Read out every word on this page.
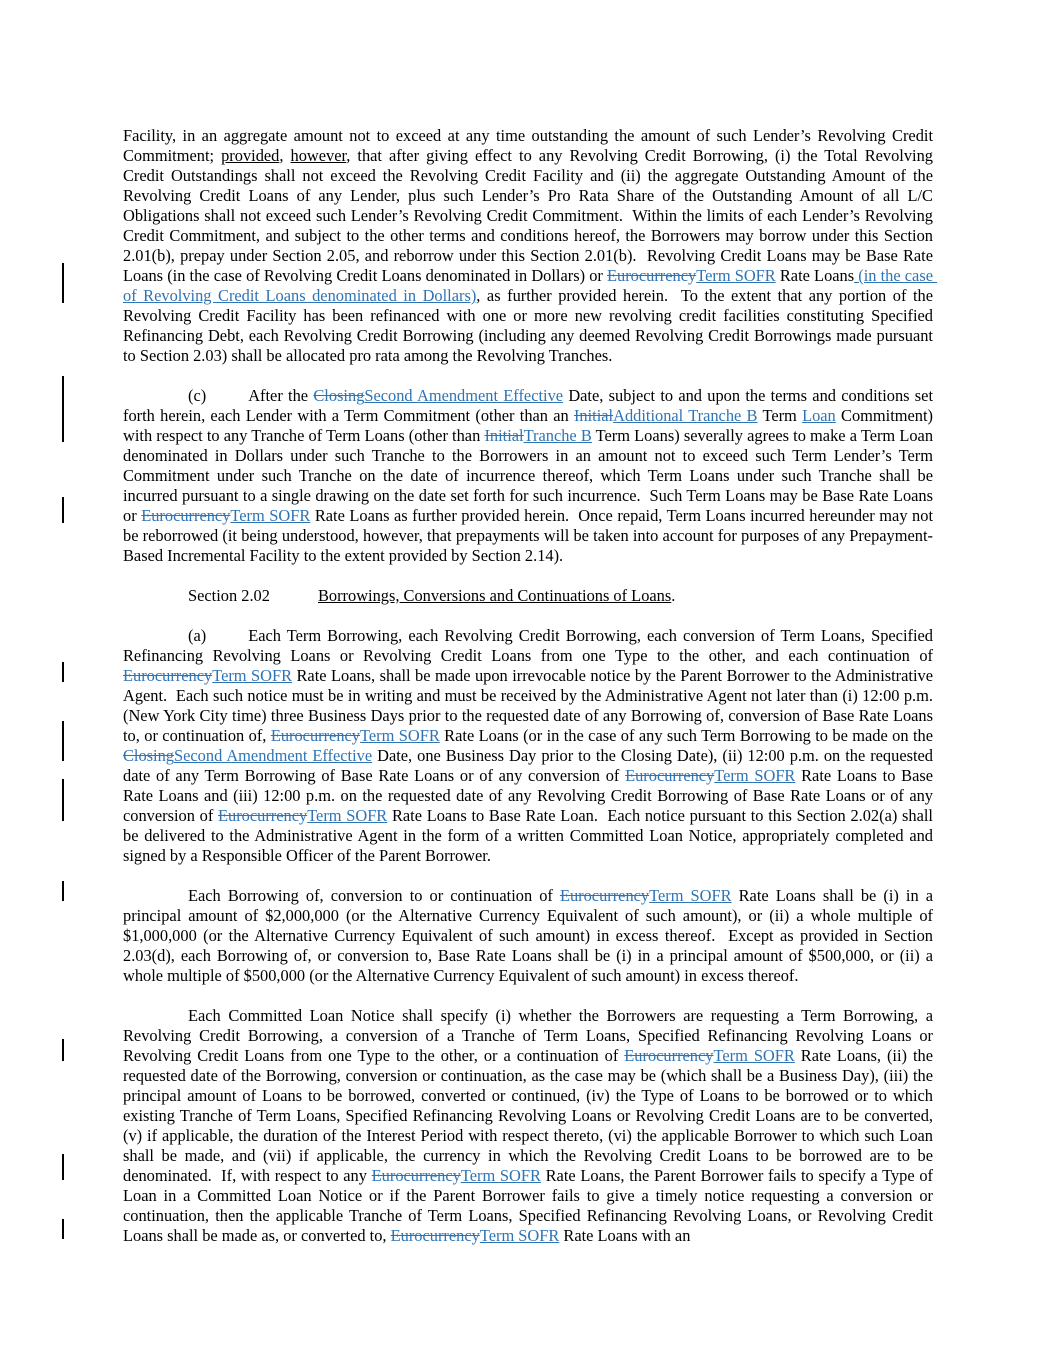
Facility, in an aggregate amount not to exceed at any time outstanding the amount of such Lender’s Revolving Credit Commitment; provided, however, that after giving effect to any Revolving Credit Borrowing, (i) the Total Revolving Credit Outstandings shall not exceed the Revolving Credit Facility and (ii) the aggregate Outstanding Amount of the Revolving Credit Loans of any Lender, plus such Lender’s Pro Rata Share of the Outstanding Amount of all L/C Obligations shall not exceed such Lender’s Revolving Credit Commitment.  Within the limits of each Lender’s Revolving Credit Commitment, and subject to the other terms and conditions hereof, the Borrowers may borrow under this Section 2.01(b), prepay under Section 2.05, and reborrow under this Section 2.01(b).  Revolving Credit Loans may be Base Rate Loans (in the case of Revolving Credit Loans denominated in Dollars) or EurocurrencyTerm SOFR Rate Loans (in the case of Revolving Credit Loans denominated in Dollars), as further provided herein.  To the extent that any portion of the Revolving Credit Facility has been refinanced with one or more new revolving credit facilities constituting Specified Refinancing Debt, each Revolving Credit Borrowing (including any deemed Revolving Credit Borrowings made pursuant to Section 2.03) shall be allocated pro rata among the Revolving Tranches.

(c)	After the ClosingSecond Amendment Effective Date, subject to and upon the terms and conditions set forth herein, each Lender with a Term Commitment (other than an InitialAdditional Tranche B Term Loan Commitment) with respect to any Tranche of Term Loans (other than InitialTranche B Term Loans) severally agrees to make a Term Loan denominated in Dollars under such Tranche to the Borrowers in an amount not to exceed such Term Lender’s Term Commitment under such Tranche on the date of incurrence thereof, which Term Loans under such Tranche shall be incurred pursuant to a single drawing on the date set forth for such incurrence.  Such Term Loans may be Base Rate Loans or EurocurrencyTerm SOFR Rate Loans as further provided herein.  Once repaid, Term Loans incurred hereunder may not be reborrowed (it being understood, however, that prepayments will be taken into account for purposes of any Prepayment-Based Incremental Facility to the extent provided by Section 2.14).

Section 2.02	Borrowings, Conversions and Continuations of Loans.

(a)	Each Term Borrowing, each Revolving Credit Borrowing, each conversion of Term Loans, Specified Refinancing Revolving Loans or Revolving Credit Loans from one Type to the other, and each continuation of EurocurrencyTerm SOFR Rate Loans, shall be made upon irrevocable notice by the Parent Borrower to the Administrative Agent.  Each such notice must be in writing and must be received by the Administrative Agent not later than (i) 12:00 p.m. (New York City time) three Business Days prior to the requested date of any Borrowing of, conversion of Base Rate Loans to, or continuation of, EurocurrencyTerm SOFR Rate Loans (or in the case of any such Term Borrowing to be made on the ClosingSecond Amendment Effective Date, one Business Day prior to the Closing Date), (ii) 12:00 p.m. on the requested date of any Term Borrowing of Base Rate Loans or of any conversion of EurocurrencyTerm SOFR Rate Loans to Base Rate Loans and (iii) 12:00 p.m. on the requested date of any Revolving Credit Borrowing of Base Rate Loans or of any conversion of EurocurrencyTerm SOFR Rate Loans to Base Rate Loan.  Each notice pursuant to this Section 2.02(a) shall be delivered to the Administrative Agent in the form of a written Committed Loan Notice, appropriately completed and signed by a Responsible Officer of the Parent Borrower.

Each Borrowing of, conversion to or continuation of EurocurrencyTerm SOFR Rate Loans shall be (i) in a principal amount of $2,000,000 (or the Alternative Currency Equivalent of such amount), or (ii) a whole multiple of $1,000,000 (or the Alternative Currency Equivalent of such amount) in excess thereof.  Except as provided in Section 2.03(d), each Borrowing of, or conversion to, Base Rate Loans shall be (i) in a principal amount of $500,000, or (ii) a whole multiple of $500,000 (or the Alternative Currency Equivalent of such amount) in excess thereof.

Each Committed Loan Notice shall specify (i) whether the Borrowers are requesting a Term Borrowing, a Revolving Credit Borrowing, a conversion of a Tranche of Term Loans, Specified Refinancing Revolving Loans or Revolving Credit Loans from one Type to the other, or a continuation of EurocurrencyTerm SOFR Rate Loans, (ii) the requested date of the Borrowing, conversion or continuation, as the case may be (which shall be a Business Day), (iii) the principal amount of Loans to be borrowed, converted or continued, (iv) the Type of Loans to be borrowed or to which existing Tranche of Term Loans, Specified Refinancing Revolving Loans or Revolving Credit Loans are to be converted, (v) if applicable, the duration of the Interest Period with respect thereto, (vi) the applicable Borrower to which such Loan shall be made, and (vii) if applicable, the currency in which the Revolving Credit Loans to be borrowed are to be denominated.  If, with respect to any EurocurrencyTerm SOFR Rate Loans, the Parent Borrower fails to specify a Type of Loan in a Committed Loan Notice or if the Parent Borrower fails to give a timely notice requesting a conversion or continuation, then the applicable Tranche of Term Loans, Specified Refinancing Revolving Loans, or Revolving Credit Loans shall be made as, or converted to, EurocurrencyTerm SOFR Rate Loans with an
